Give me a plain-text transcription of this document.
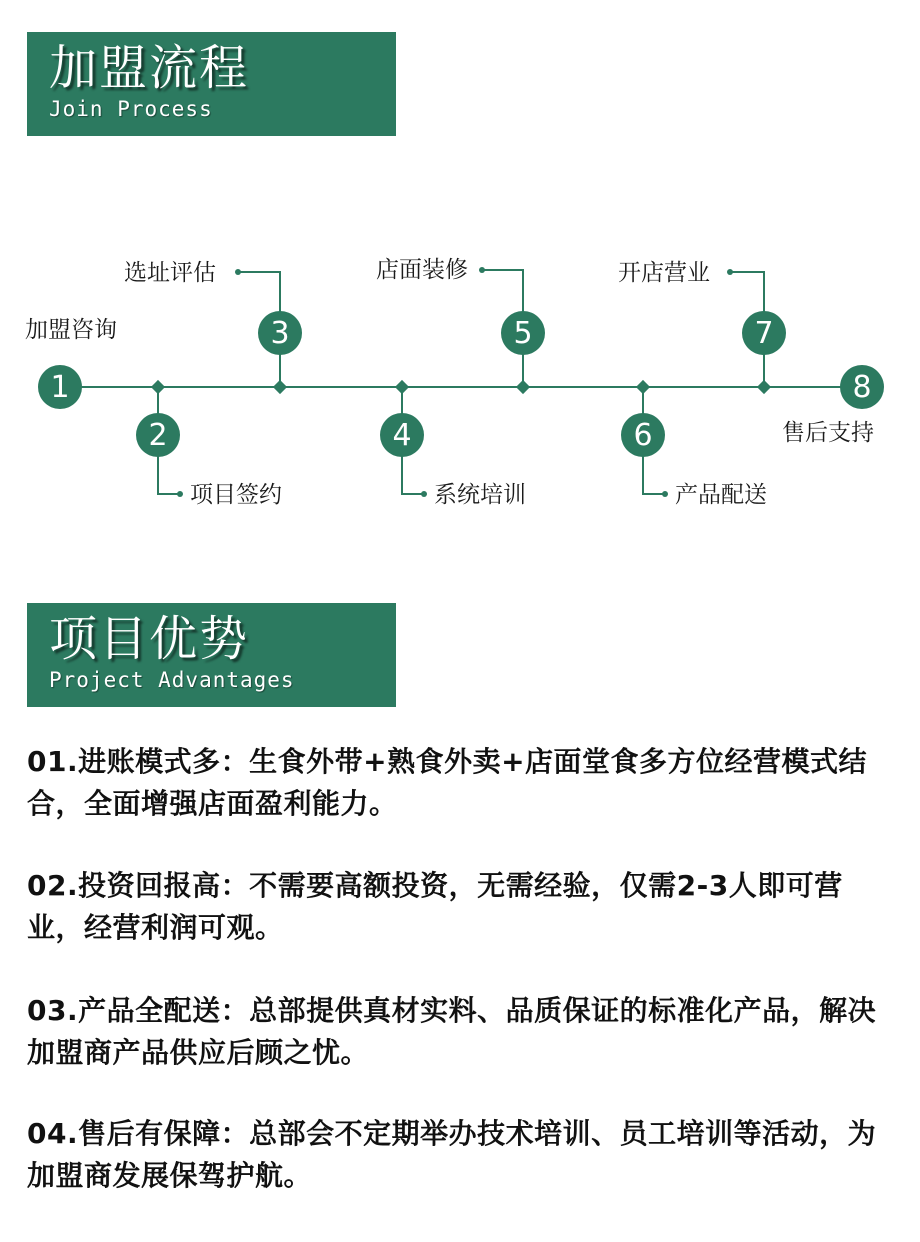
加盟流程
Join Process
1
加盟咨询
2
项目签约
3
选址评估
4
系统培训
5
店面装修
6
产品配送
7
开店营业
8
售后支持
项目优势
Project Advantages
01.进账模式多：生食外带+熟食外卖+店面堂食多方位经营模式结合，全面增强店面盈利能力。
02.投资回报高：不需要高额投资，无需经验，仅需2-3人即可营业，经营利润可观。
03.产品全配送：总部提供真材实料、品质保证的标准化产品，解决加盟商产品供应后顾之忧。
04.售后有保障：总部会不定期举办技术培训、员工培训等活动，为加盟商发展保驾护航。
